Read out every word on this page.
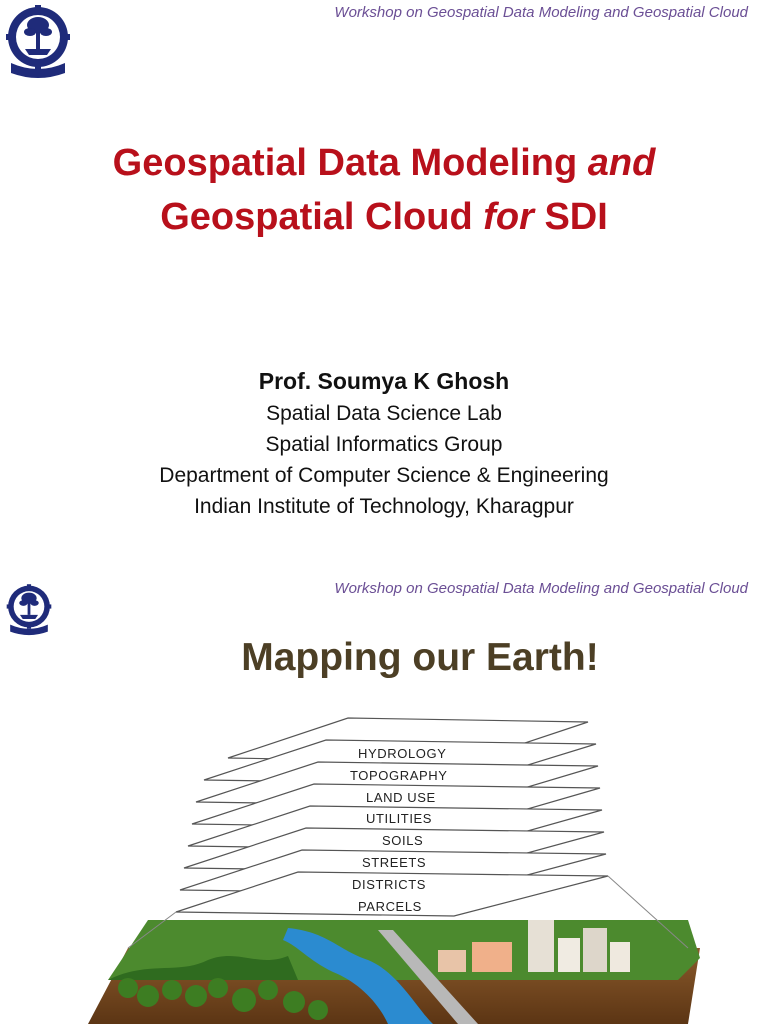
Workshop on Geospatial Data Modeling and Geospatial Cloud
Geospatial Data Modeling and
Geospatial Cloud for SDI
Prof. Soumya K Ghosh
Spatial Data Science Lab
Spatial Informatics Group
Department of Computer Science & Engineering
Indian Institute of Technology, Kharagpur
Workshop on Geospatial Data Modeling and Geospatial Cloud
Mapping our Earth!
HYDROLOGY
TOPOGRAPHY
LAND USE
UTILITIES
SOILS
STREETS
DISTRICTS
PARCELS
